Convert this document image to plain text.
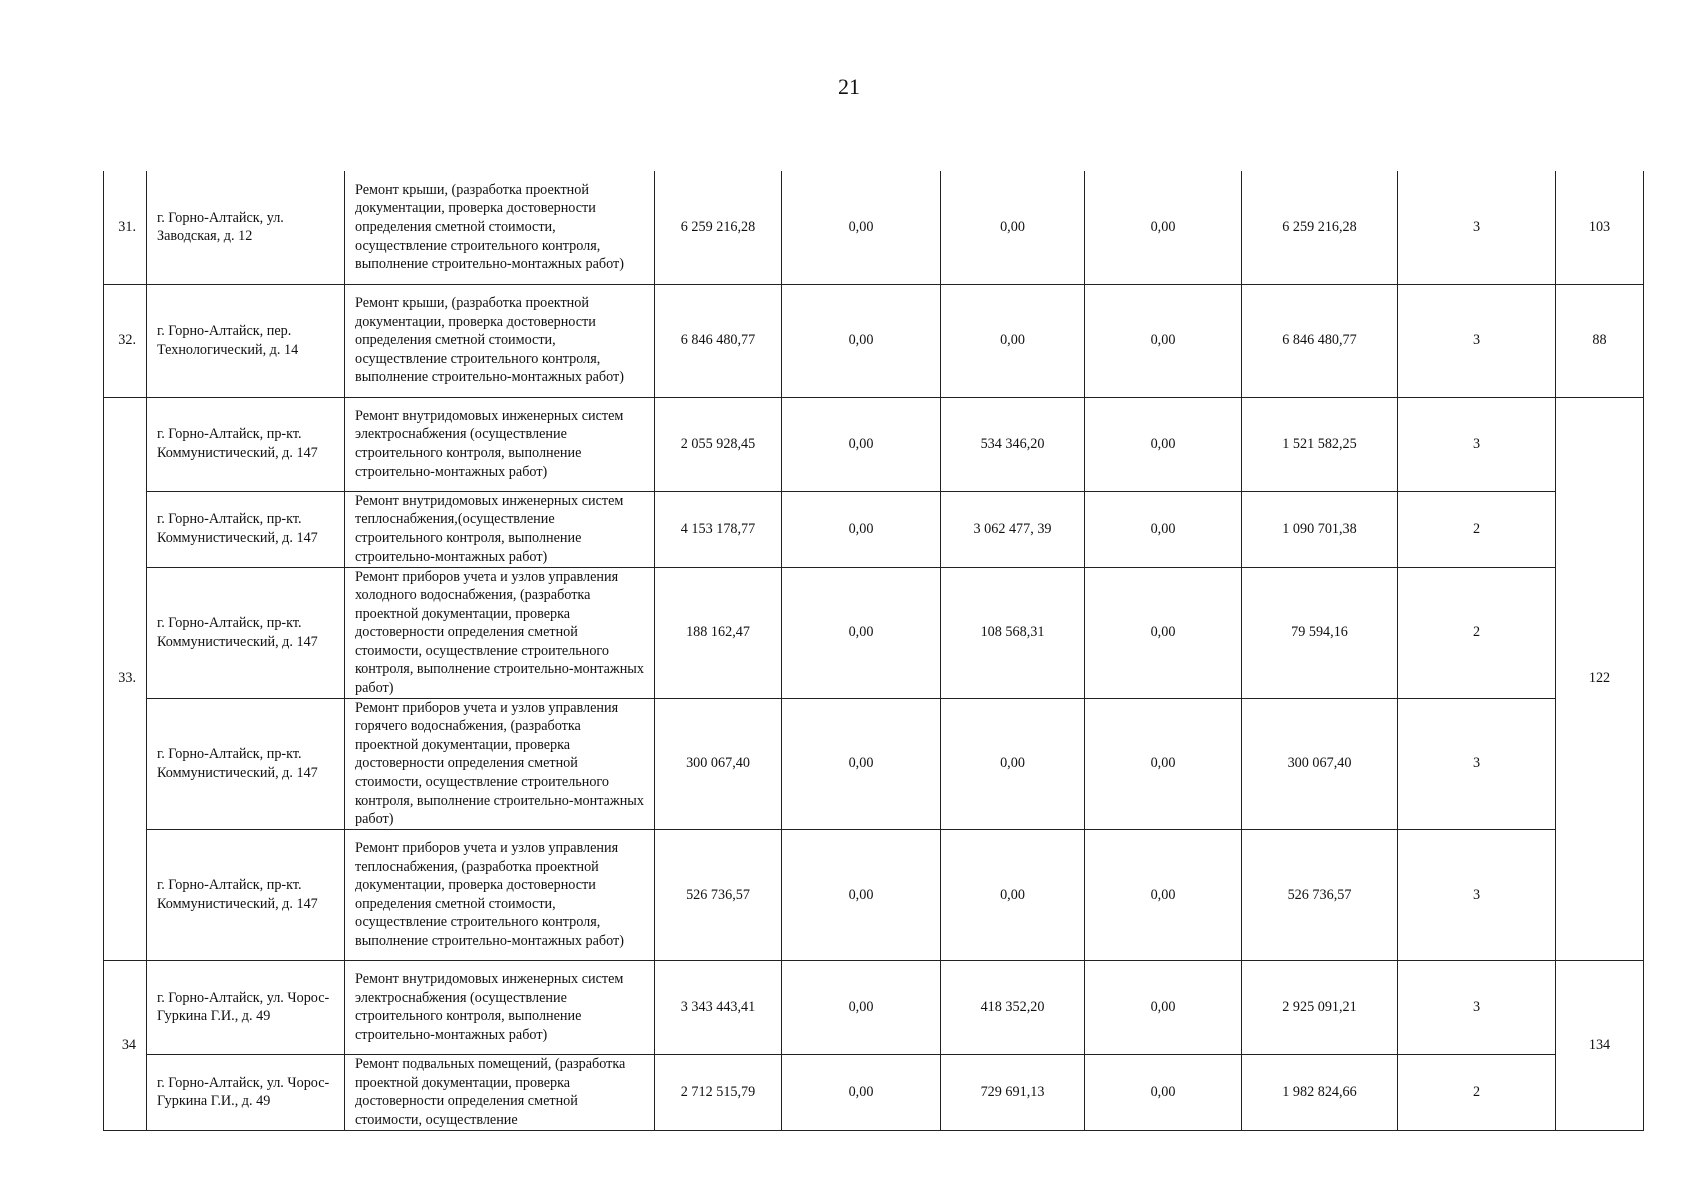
21
31.	г. Горно-Алтайск, ул. Заводская, д. 12	Ремонт крыши, (разработка проектной документации, проверка достоверности определения сметной стоимости, осуществление строительного контроля, выполнение строительно-монтажных работ)	6 259 216,28	0,00	0,00	0,00	6 259 216,28	3	103
32.	г. Горно-Алтайск, пер. Технологический, д. 14	Ремонт крыши, (разработка проектной документации, проверка достоверности определения сметной стоимости, осуществление строительного контроля, выполнение строительно-монтажных работ)	6 846 480,77	0,00	0,00	0,00	6 846 480,77	3	88
33.	г. Горно-Алтайск, пр-кт. Коммунистический, д. 147	Ремонт внутридомовых инженерных систем электроснабжения (осуществление строительного контроля, выполнение строительно-монтажных работ)	2 055 928,45	0,00	534 346,20	0,00	1 521 582,25	3	122
	г. Горно-Алтайск, пр-кт. Коммунистический, д. 147	Ремонт внутридомовых инженерных систем теплоснабжения,(осуществление строительного контроля, выполнение строительно-монтажных работ)	4 153 178,77	0,00	3 062 477, 39	0,00	1 090 701,38	2	
	г. Горно-Алтайск, пр-кт. Коммунистический, д. 147	Ремонт приборов учета и узлов управления холодного водоснабжения, (разработка проектной документации, проверка достоверности определения сметной стоимости, осуществление строительного контроля, выполнение строительно-монтажных работ)	188 162,47	0,00	108 568,31	0,00	79 594,16	2	
	г. Горно-Алтайск, пр-кт. Коммунистический, д. 147	Ремонт приборов учета и узлов управления горячего водоснабжения, (разработка проектной документации, проверка достоверности определения сметной стоимости, осуществление строительного контроля, выполнение строительно-монтажных работ)	300 067,40	0,00	0,00	0,00	300 067,40	3	
	г. Горно-Алтайск, пр-кт. Коммунистический, д. 147	Ремонт приборов учета и узлов управления теплоснабжения, (разработка проектной документации, проверка достоверности определения сметной стоимости, осуществление строительного контроля, выполнение строительно-монтажных работ)	526 736,57	0,00	0,00	0,00	526 736,57	3	
34	г. Горно-Алтайск, ул. Чорос-Гуркина Г.И., д. 49	Ремонт внутридомовых инженерных систем электроснабжения (осуществление строительного контроля, выполнение строительно-монтажных работ)	3 343 443,41	0,00	418 352,20	0,00	2 925 091,21	3	134
	г. Горно-Алтайск, ул. Чорос-Гуркина Г.И., д. 49	Ремонт подвальных помещений, (разработка проектной документации, проверка достоверности определения сметной стоимости, осуществление	2 712 515,79	0,00	729 691,13	0,00	1 982 824,66	2	
